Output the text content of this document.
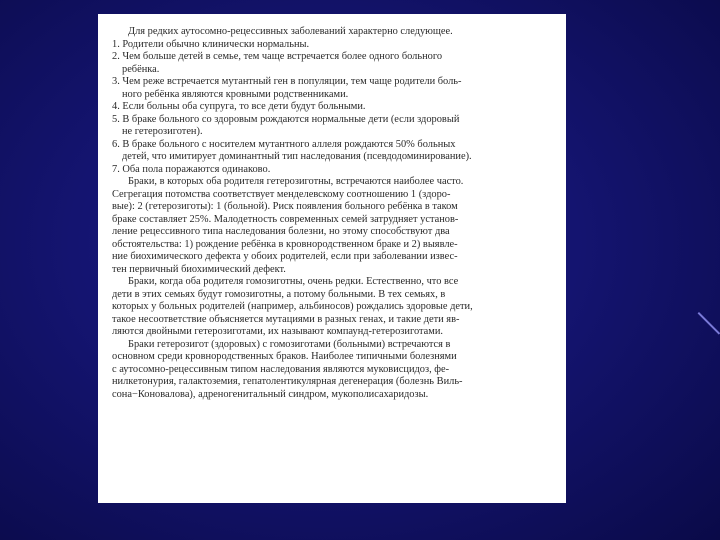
Для редких аутосомно-рецессивных заболеваний характерно следующее.
1. Родители обычно клинически нормальны.
2. Чем больше детей в семье, тем чаще встречается более одного больного
ребёнка.
3. Чем реже встречается мутантный ген в популяции, тем чаще родители боль-
ного ребёнка являются кровными родственниками.
4. Если больны оба супруга, то все дети будут больными.
5. В браке больного со здоровым рождаются нормальные дети (если здоровый
не гетерозиготен).
6. В браке больного с носителем мутантного аллеля рождаются 50% больных
детей, что имитирует доминантный тип наследования (псевдодоминирование).
7. Оба пола поражаются одинаково.
Браки, в которых оба родителя гетерозиготны, встречаются наиболее часто.
Сегрегация потомства соответствует менделевскому соотношению 1 (здоро-
вые): 2 (гетерозиготы): 1 (больной). Риск появления больного ребёнка в таком
браке составляет 25%. Малодетность современных семей затрудняет установ-
ление рецессивного типа наследования болезни, но этому способствуют два
обстоятельства: 1) рождение ребёнка в кровнородственном браке и 2) выявле-
ние биохимического дефекта у обоих родителей, если при заболевании извес-
тен первичный биохимический дефект.
Браки, когда оба родителя гомозиготны, очень редки. Естественно, что все
дети в этих семьях будут гомозиготны, а потому больными. В тех семьях, в
которых у больных родителей (например, альбиносов) рождались здоровые дети,
такое несоответствие объясняется мутациями в разных генах, и такие дети яв-
ляются двойными гетерозиготами, их называют компаунд-гетерозиготами.
Браки гетерозигот (здоровых) с гомозиготами (больными) встречаются в
основном среди кровнородственных браков. Наиболее типичными болезнями
с аутосомно-рецессивным типом наследования являются муковисцидоз, фе-
нилкетонурия, галактоземия, гепатолентикулярная дегенерация (болезнь Виль-
сона−Коновалова), адреногенитальный синдром, мукополисахаридозы.
